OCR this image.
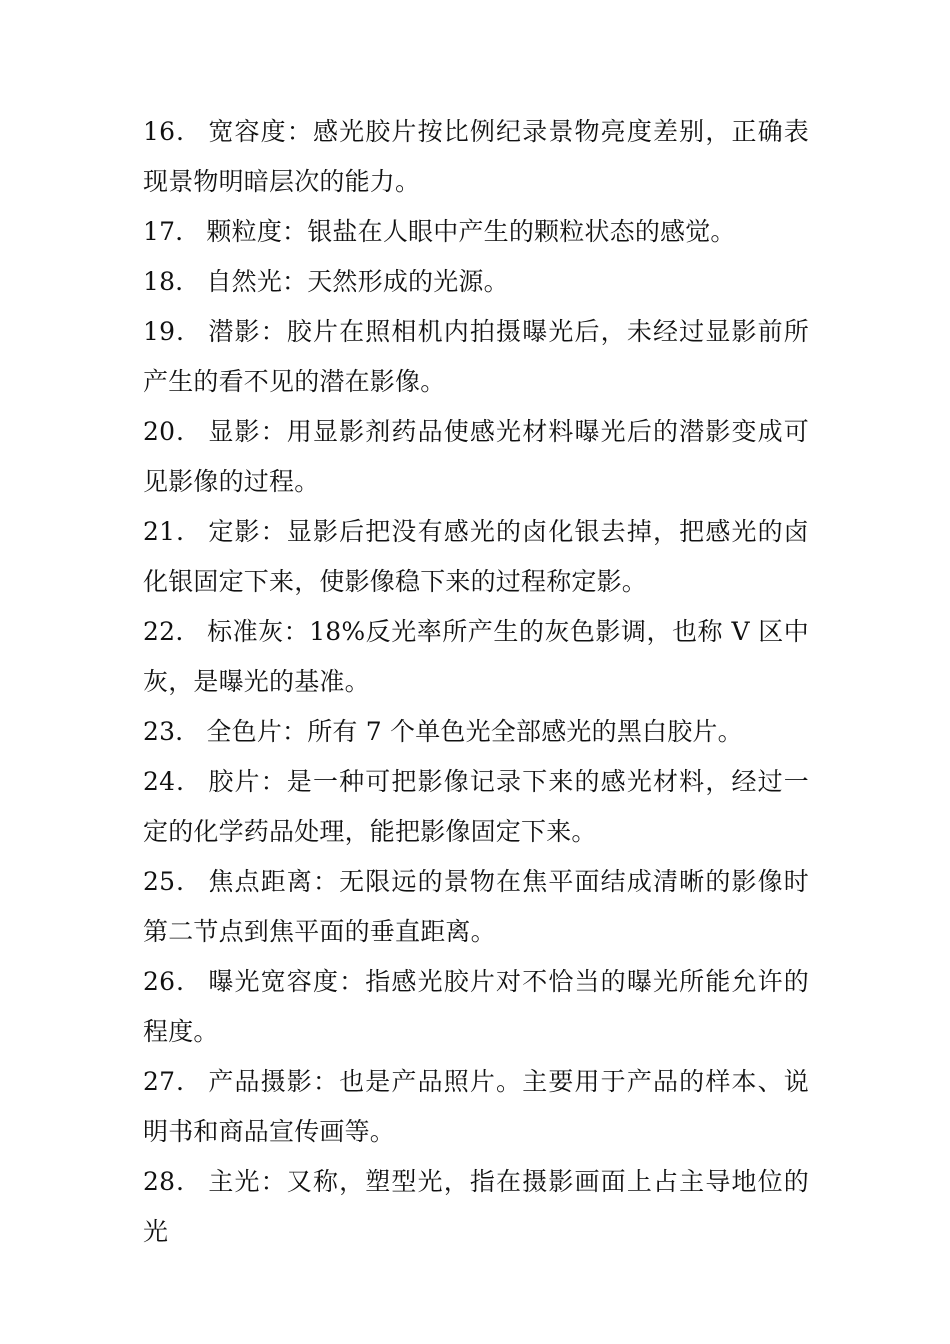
16． 宽容度：感光胶片按比例纪录景物亮度差别，正确表现景物明暗层次的能力。

17． 颗粒度：银盐在人眼中产生的颗粒状态的感觉。

18． 自然光：天然形成的光源。

19． 潜影：胶片在照相机内拍摄曝光后，未经过显影前所产生的看不见的潜在影像。

20． 显影：用显影剂药品使感光材料曝光后的潜影变成可见影像的过程。

21． 定影：显影后把没有感光的卤化银去掉，把感光的卤化银固定下来，使影像稳下来的过程称定影。

22． 标准灰：18%反光率所产生的灰色影调，也称 V 区中灰，是曝光的基准。

23． 全色片：所有 7 个单色光全部感光的黑白胶片。

24． 胶片：是一种可把影像记录下来的感光材料，经过一定的化学药品处理，能把影像固定下来。

25． 焦点距离：无限远的景物在焦平面结成清晰的影像时第二节点到焦平面的垂直距离。

26． 曝光宽容度：指感光胶片对不恰当的曝光所能允许的程度。

27． 产品摄影：也是产品照片。主要用于产品的样本、说明书和商品宣传画等。

28． 主光：又称，塑型光，指在摄影画面上占主导地位的光
